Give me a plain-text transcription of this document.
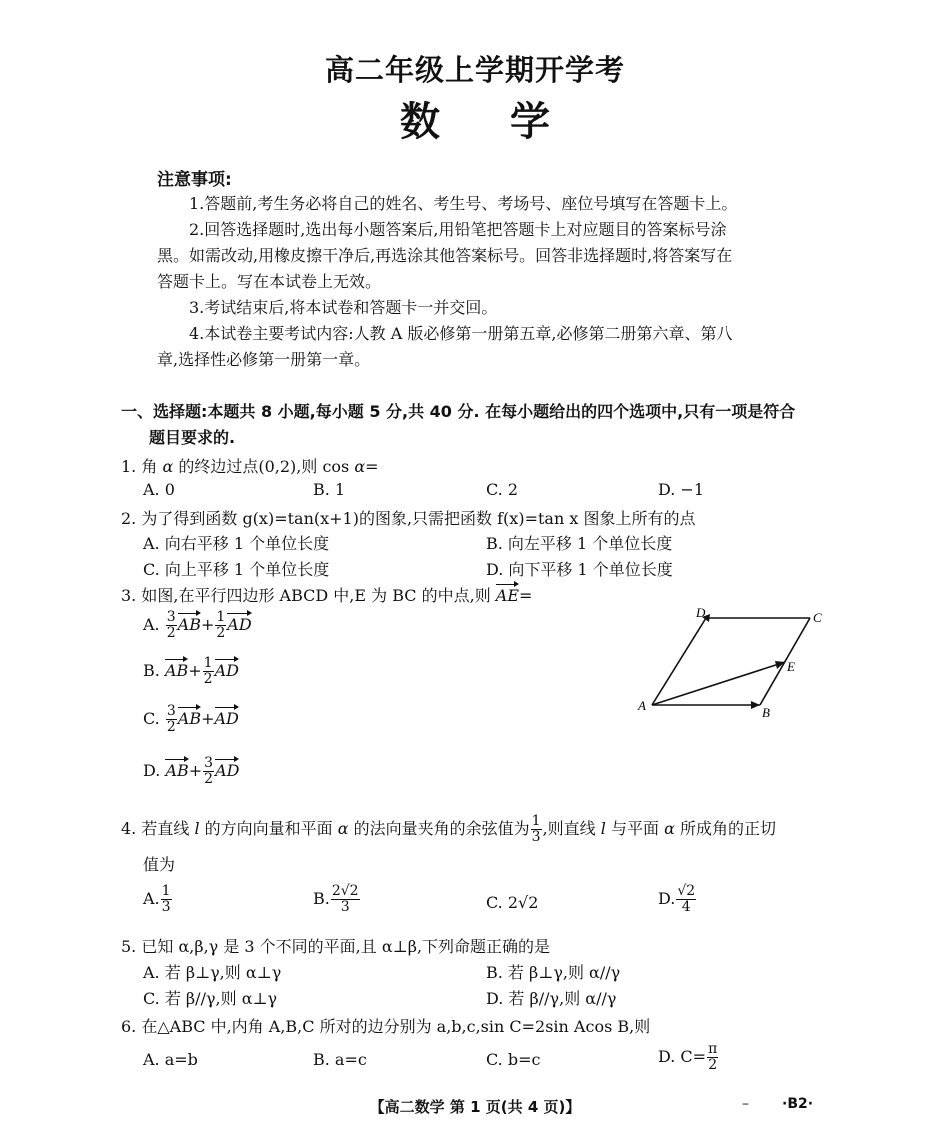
高二年级上学期开学考
数学
注意事项:
1.答题前,考生务必将自己的姓名、考生号、考场号、座位号填写在答题卡上。
2.回答选择题时,选出每小题答案后,用铅笔把答题卡上对应题目的答案标号涂
黑。如需改动,用橡皮擦干净后,再选涂其他答案标号。回答非选择题时,将答案写在
答题卡上。写在本试卷上无效。
3.考试结束后,将本试卷和答题卡一并交回。
4.本试卷主要考试内容:人教 A 版必修第一册第五章,必修第二册第六章、第八
章,选择性必修第一册第一章。
一、选择题:本题共 8 小题,每小题 5 分,共 40 分. 在每小题给出的四个选项中,只有一项是符合
题目要求的.
1. 角 α 的终边过点(0,2),则 cos α=
A. 0	B. 1	C. 2	D. −1
2. 为了得到函数 g(x)=tan(x+1)的图象,只需把函数 f(x)=tan x 图象上所有的点
A. 向右平移 1 个单位长度	B. 向左平移 1 个单位长度
C. 向上平移 1 个单位长度	D. 向下平移 1 个单位长度
3. 如图,在平行四边形 ABCD 中,E 为 BC 的中点,则 AE=
A. $\frac{3}{2} AB+ \frac{1}{2}$ AD
B. $AB+ \frac{1}{2}$ AD
C. $\frac{3}{2} AB+AD$
D. $AB+ \frac{3}{2}$ AD
A	B
C
D
E
4. 若直线 l 的方向向量和平面 α 的法向量夹角的余弦值为 $\frac{1}{3}$ ,则直线 l 与平面 α 所成角的正切
值为
A. $\frac{1}{3}$	B. $\frac{2√2}{3}$	C. 2√2	D. $\frac{√2}{4}$
5. 已知 α,β,γ 是 3 个不同的平面,且 α⊥β,下列命题正确的是
A. 若 β⊥γ,则 α⊥γ	B. 若 β⊥γ,则 α//γ
C. 若 β//γ,则 α⊥γ	D. 若 β//γ,则 α//γ
6. 在△ABC 中,内角 A,B,C 所对的边分别为 a,b,c,sin C=2sin Acos B,则
A. a=b	B. a=c	C. b=c	D. $C= \frac{\pi}{2}$
【高二数学 第 1 页(共 4 页)】	– ·B2·
